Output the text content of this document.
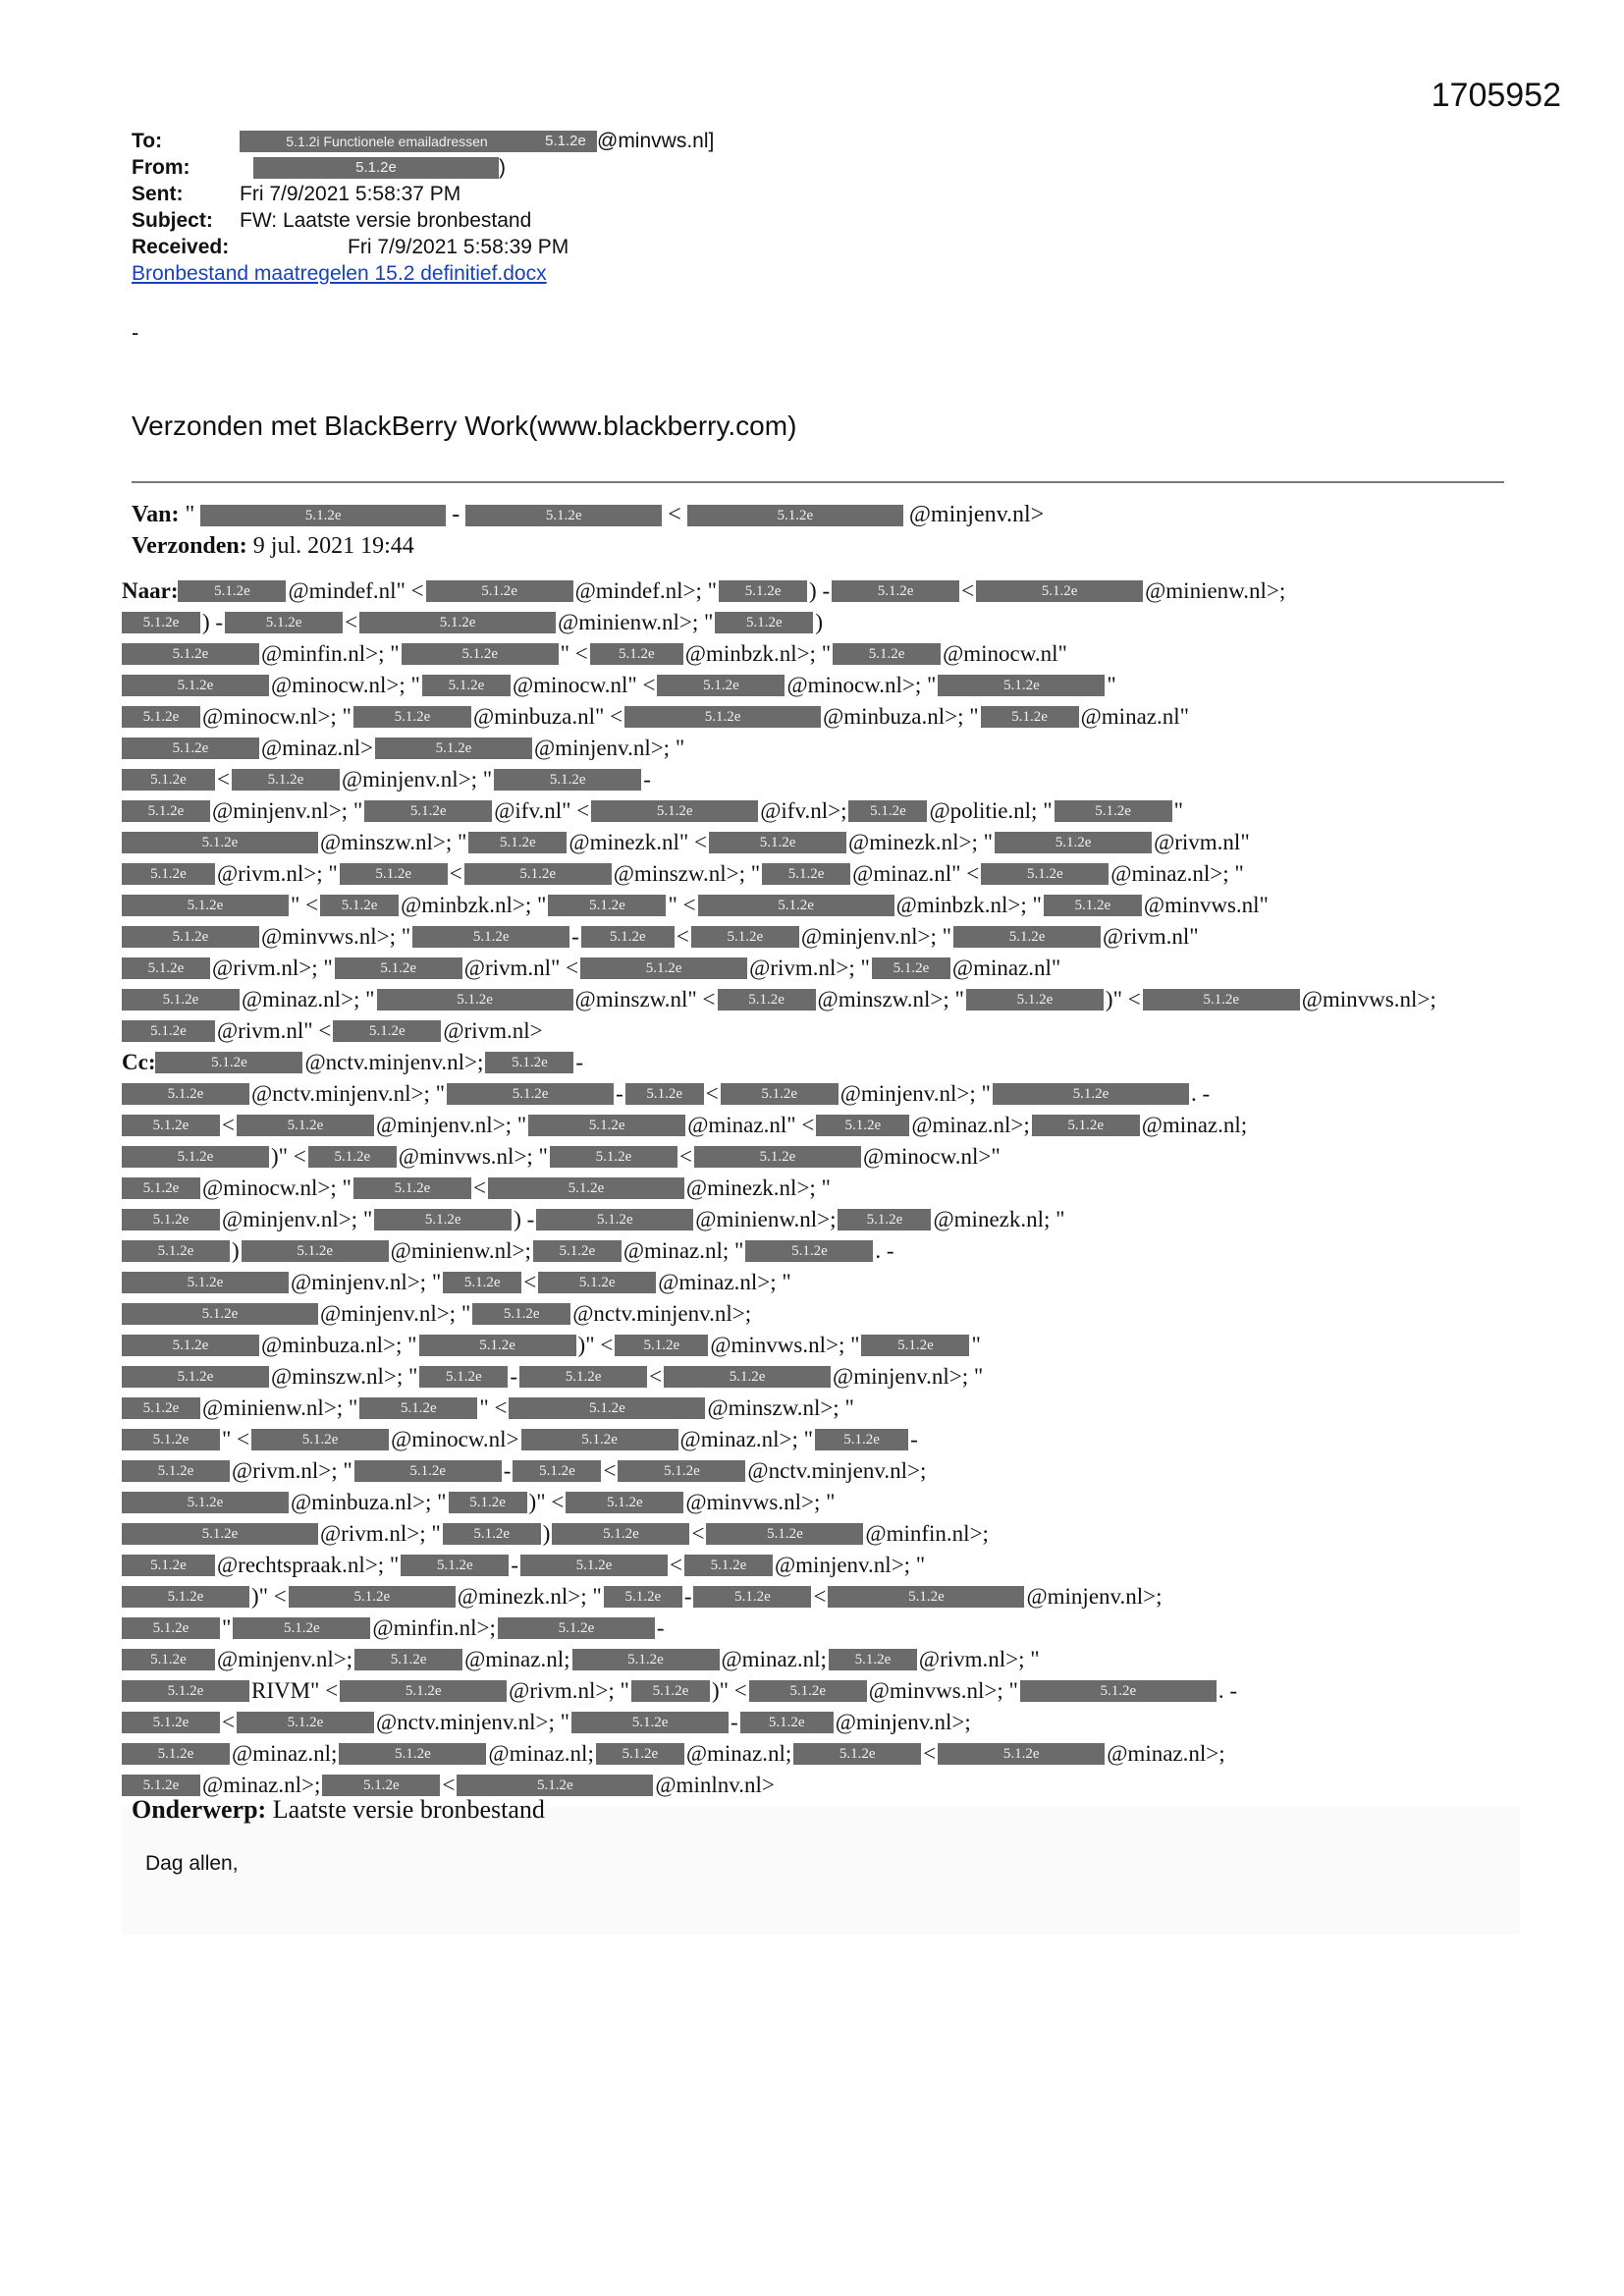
1705952
To:	5.1.2i Functionele emailadressen	5.1.2e @minvws.nl]
From:	5.1.2e	)
Sent:	Fri 7/9/2021 5:58:37 PM
Subject:	FW: Laatste versie bronbestand
Received:	Fri 7/9/2021 5:58:39 PM
Bronbestand maatregelen 15.2 definitief.docx
-
Verzonden met BlackBerry Work(www.blackberry.com)
Van: "	5.1.2e	-	5.1.2e	<	5.1.2e	@minjenv.nl>
Verzonden: 9 jul. 2021 19:44
Naar:	5.1.2e	@mindef.nl" <	5.1.2e	@mindef.nl>; "	5.1.2e	) -	5.1.2e	<	5.1.2e	@minienw.nl>;
5.1.2e	) -	5.1.2e	<	5.1.2e	@minienw.nl>; "	5.1.2e	)
5.1.2e	@minfin.nl>; "	5.1.2e	" <	5.1.2e	@minbzk.nl>; "	5.1.2e	@minocw.nl"
5.1.2e	@minocw.nl>; "	5.1.2e	@minocw.nl" <	5.1.2e	@minocw.nl>; "	5.1.2e	"
5.1.2e	@minocw.nl>; "	5.1.2e	@minbuza.nl" <	5.1.2e	@minbuza.nl>; "	5.1.2e	@minaz.nl"
5.1.2e	@minaz.nl>	5.1.2e	@minjenv.nl>; "
5.1.2e	<	5.1.2e	@minjenv.nl>; "	5.1.2e	-
5.1.2e	@minjenv.nl>; "	5.1.2e	@ifv.nl" <	5.1.2e	@ifv.nl>;	5.1.2e	@politie.nl; "	5.1.2e	"
5.1.2e	@minszw.nl>; "	5.1.2e	@minezk.nl" <	5.1.2e	@minezk.nl>; "	5.1.2e	@rivm.nl"
5.1.2e	@rivm.nl>; "	5.1.2e	<	5.1.2e	@minszw.nl>; "	5.1.2e	@minaz.nl" <	5.1.2e	@minaz.nl>; "
5.1.2e	" <	5.1.2e	@minbzk.nl>; "	5.1.2e	" <	5.1.2e	@minbzk.nl>; "	5.1.2e	@minvws.nl"
5.1.2e	@minvws.nl>; "	5.1.2e	-	5.1.2e	<	5.1.2e	@minjenv.nl>; "	5.1.2e	@rivm.nl"
5.1.2e	@rivm.nl>; "	5.1.2e	@rivm.nl" <	5.1.2e	@rivm.nl>; "	5.1.2e	@minaz.nl"
5.1.2e	@minaz.nl>; "	5.1.2e	@minszw.nl" <	5.1.2e	@minszw.nl>; "	5.1.2e	)" <	5.1.2e	@minvws.nl>;
5.1.2e	@rivm.nl" <	5.1.2e	@rivm.nl>
Cc:	5.1.2e	@nctv.minjenv.nl>;	5.1.2e	-
5.1.2e	@nctv.minjenv.nl>; "	5.1.2e	-	5.1.2e	<	5.1.2e	@minjenv.nl>; "	5.1.2e	. -
5.1.2e	<	5.1.2e	@minjenv.nl>; "	5.1.2e	@minaz.nl" <	5.1.2e	@minaz.nl>;	5.1.2e	@minaz.nl;
5.1.2e	)" <	5.1.2e	@minvws.nl>; "	5.1.2e	<	5.1.2e	@minocw.nl>"
5.1.2e	@minocw.nl>; "	5.1.2e	<	5.1.2e	@minezk.nl>; "
5.1.2e	@minjenv.nl>; "	5.1.2e	) -	5.1.2e	@minienw.nl>;	5.1.2e	@minezk.nl; "
5.1.2e	)	5.1.2e	@minienw.nl>;	5.1.2e	@minaz.nl; "	5.1.2e	. -
5.1.2e	@minjenv.nl>; "	5.1.2e	<	5.1.2e	@minaz.nl>; "
5.1.2e	@minjenv.nl>; "	5.1.2e	@nctv.minjenv.nl>;
5.1.2e	@minbuza.nl>; "	5.1.2e	)" <	5.1.2e	@minvws.nl>; "	5.1.2e	"
5.1.2e	@minszw.nl>; "	5.1.2e	-	5.1.2e	<	5.1.2e	@minjenv.nl>; "
5.1.2e	@minienw.nl>; "	5.1.2e	" <	5.1.2e	@minszw.nl>; "
5.1.2e	" <	5.1.2e	@minocw.nl>	5.1.2e	@minaz.nl>; "	5.1.2e	-
5.1.2e	@rivm.nl>; "	5.1.2e	-	5.1.2e	<	5.1.2e	@nctv.minjenv.nl>;
5.1.2e	@minbuza.nl>; "	5.1.2e	)" <	5.1.2e	@minvws.nl>; "
5.1.2e	@rivm.nl>; "	5.1.2e	)	5.1.2e	<	5.1.2e	@minfin.nl>;
5.1.2e	@rechtspraak.nl>; "	5.1.2e	-	5.1.2e	<	5.1.2e	@minjenv.nl>; "
5.1.2e	)" <	5.1.2e	@minezk.nl>; "	5.1.2e	-	5.1.2e	<	5.1.2e	@minjenv.nl>;
5.1.2e	"	5.1.2e	@minfin.nl>;	5.1.2e	-
5.1.2e	@minjenv.nl>;	5.1.2e	@minaz.nl;	5.1.2e	@minaz.nl;	5.1.2e	@rivm.nl>; "
5.1.2e	RIVM" <	5.1.2e	@rivm.nl>; "	5.1.2e	)" <	5.1.2e	@minvws.nl>; "	5.1.2e	. -
5.1.2e	<	5.1.2e	@nctv.minjenv.nl>; "	5.1.2e	-	5.1.2e	@minjenv.nl>;
5.1.2e	@minaz.nl;	5.1.2e	@minaz.nl;	5.1.2e	@minaz.nl;	5.1.2e	<	5.1.2e	@minaz.nl>;
5.1.2e	@minaz.nl>;	5.1.2e	<	5.1.2e	@minlnv.nl>
Onderwerp: Laatste versie bronbestand
Dag allen,
